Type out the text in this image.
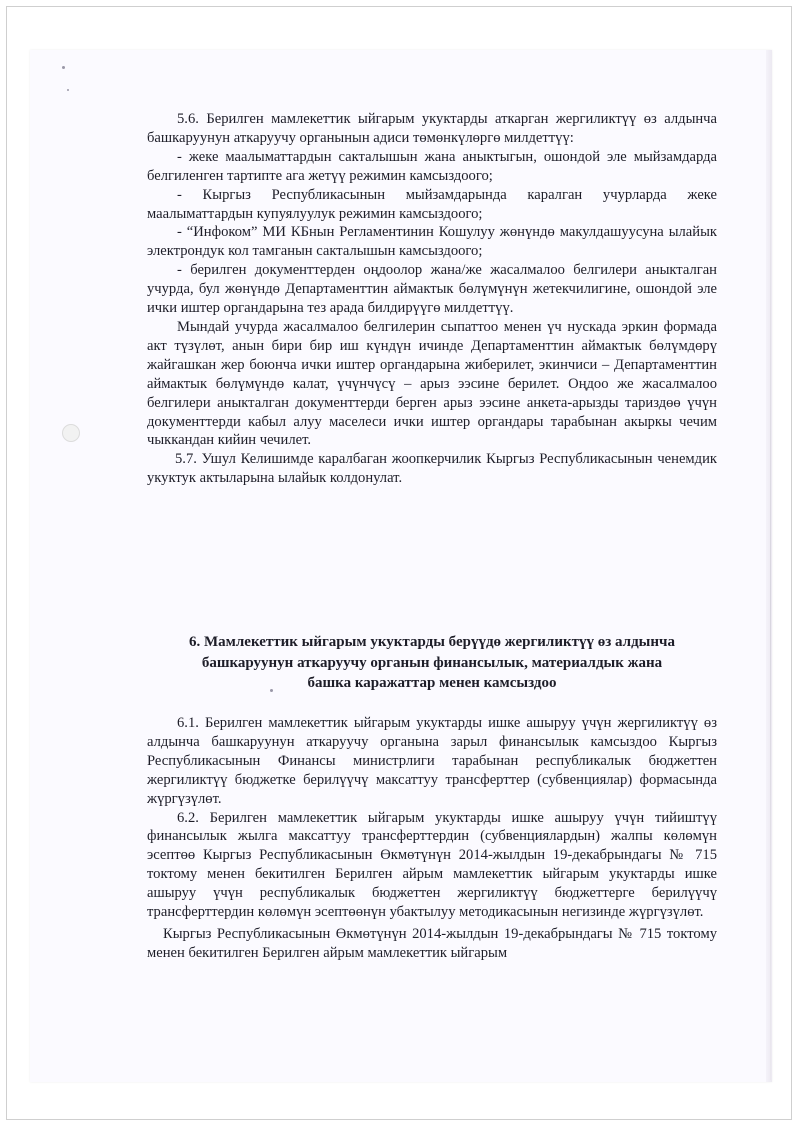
5.6. Берилген мамлекеттик ыйгарым укуктарды аткарган жергиликтүү өз алдынча башкаруунун аткаруучу органынын адиси төмөнкүлөргө милдеттүү:

- жеке маалыматтардын сакталышын жана аныктыгын, ошондой эле мыйзамдарда белгиленген тартипте ага жетүү режимин камсыздоого;

- Кыргыз Республикасынын мыйзамдарында каралган учурларда жеке маалыматтардын купуялуулук режимин камсыздоого;

- “Инфоком” МИ КБнын Регламентинин Кошулуу жөнүндө макулдашуусуна ылайык электрондук кол тамганын сакталышын камсыздоого;

- берилген документтерден оңдоолор жана/же жасалмалоо белгилери аныкталган учурда, бул жөнүндө Департаменттин аймактык бөлүмүнүн жетекчилигине, ошондой эле ички иштер органдарына тез арада билдирүүгө милдеттүү.

Мындай учурда жасалмалоо белгилерин сыпаттоо менен үч нускада эркин формада акт түзүлөт, анын бири бир иш күндүн ичинде Департаменттин аймактык бөлүмдөрү жайгашкан жер боюнча ички иштер органдарына жиберилет, экинчиси – Департаменттин аймактык бөлүмүндө калат, үчүнчүсү – арыз ээсине берилет. Оңдоо же жасалмалоо белгилери аныкталган документтерди берген арыз ээсине анкета-арызды тариздөө үчүн документтерди кабыл алуу маселеси ички иштер органдары тарабынан акыркы чечим чыккандан кийин чечилет.

5.7. Ушул Келишимде каралбаган жоопкерчилик Кыргыз Республикасынын ченемдик укуктук актыларына ылайык колдонулат.

6. Мамлекеттик ыйгарым укуктарды берүүдө жергиликтүү өз алдынча

башкаруунун аткаруучу органын финансылык, материалдык жана

башка каражаттар менен камсыздоо

6.1. Берилген мамлекеттик ыйгарым укуктарды ишке ашыруу үчүн жергиликтүү өз алдынча башкаруунун аткаруучу органына зарыл финансылык камсыздоо Кыргыз Республикасынын Финансы министрлиги тарабынан республикалык бюджеттен жергиликтүү бюджетке берилүүчү максаттуу трансферттер (субвенциялар) формасында жүргүзүлөт.

6.2. Берилген мамлекеттик ыйгарым укуктарды ишке ашыруу үчүн тийиштүү финансылык жылга максаттуу трансферттердин (субвенциялардын) жалпы көлөмүн эсептөө Кыргыз Республикасынын Өкмөтүнүн 2014-жылдын 19-декабрындагы № 715 токтому менен бекитилген Берилген айрым мамлекеттик ыйгарым укуктарды ишке ашыруу үчүн республикалык бюджеттен жергиликтүү бюджеттерге берилүүчү трансферттердин көлөмүн эсептөөнүн убактылуу методикасынын негизинде жүргүзүлөт.

Кыргыз Республикасынын Өкмөтүнүн 2014-жылдын 19-декабрындагы № 715 токтому менен бекитилген Берилген айрым мамлекеттик ыйгарым
